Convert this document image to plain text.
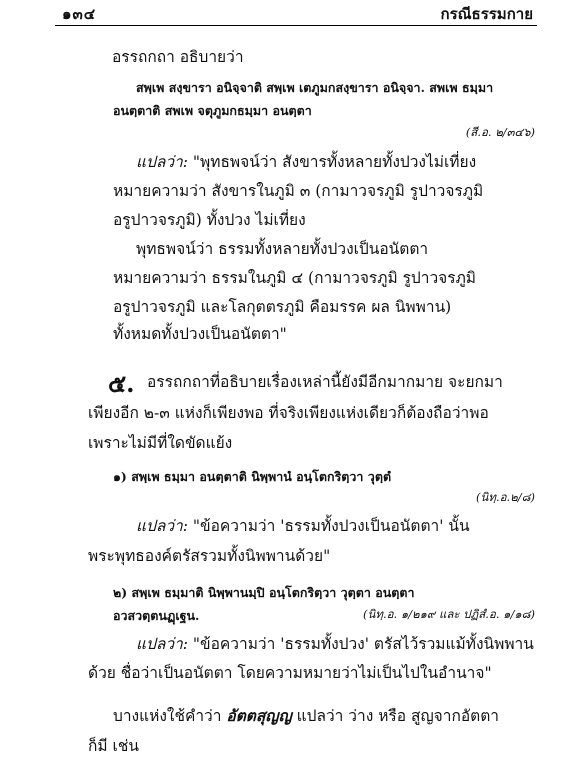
๑๓๔	กรณีธรรมกาย
อรรถกถา อธิบายว่า
สพฺเพ สงฺขารา อนิจฺจาติ สพฺเพ เตภูมกสงฺขารา อนิจฺจา. สพเพ ธมฺมา
อนตฺตาติ สพเพ จตุภูมกธมฺมา อนตฺตา
(สี.อ. ๒/๓๔๖)
แปลว่า: "พุทธพจน์ว่า สังขารทั้งหลายทั้งปวงไม่เที่ยง
หมายความว่า สังขารในภูมิ ๓ (กามาวจรภูมิ รูปาวจรภูมิ
อรูปาวจรภูมิ) ทั้งปวง ไม่เที่ยง
พุทธพจน์ว่า ธรรมทั้งหลายทั้งปวงเป็นอนัตตา
หมายความว่า ธรรมในภูมิ ๔ (กามาวจรภูมิ รูปาวจรภูมิ
อรูปาวจรภูมิ และโลกุตตรภูมิ คือมรรค ผล นิพพาน)
ทั้งหมดทั้งปวงเป็นอนัตตา"
๕. อรรถกถาที่อธิบายเรื่องเหล่านี้ยังมีอีกมากมาย จะยกมา
เพียงอีก ๒-๓ แห่งก็เพียงพอ ที่จริงเพียงแห่งเดียวก็ต้องถือว่าพอ
เพราะไม่มีที่ใดขัดแย้ง
๑) สพฺเพ ธมฺมา อนตฺตาติ นิพฺพานํ อนฺโตกริตฺวา วุตฺตํ
(นิทฺ.อ.๒/๘)
แปลว่า: "ข้อความว่า 'ธรรมทั้งปวงเป็นอนัตตา' นั้น
พระพุทธองค์ตรัสรวมทั้งนิพพานด้วย"
๒) สพฺเพ ธมฺมาติ นิพฺพานมฺปิ อนฺโตกริตฺวา วุตฺตา อนตฺตา
อวสวตฺตนฏฺเฐน.	(นิทฺ.อ. ๑/๒๑๙ และ ปฏิสํ.อ. ๑/๑๘)
แปลว่า: "ข้อความว่า 'ธรรมทั้งปวง' ตรัสไว้รวมแม้ทั้งนิพพาน
ด้วย ชื่อว่าเป็นอนัตตา โดยความหมายว่าไม่เป็นไปในอำนาจ"
บางแห่งใช้คำว่า อัตตสุญญ แปลว่า ว่าง หรือ สูญจากอัตตา
ก็มี เช่น
